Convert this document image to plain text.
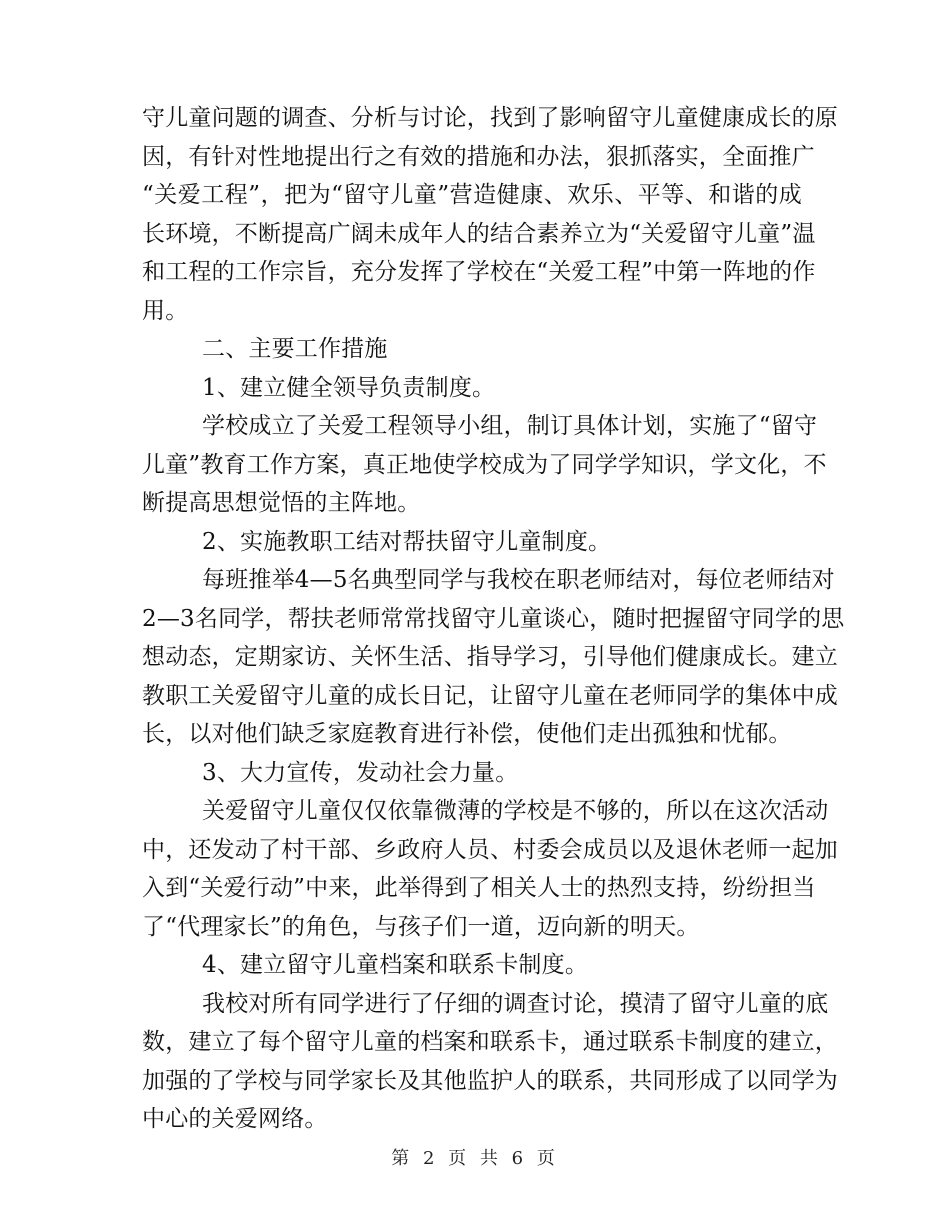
守儿童问题的调查、分析与讨论，找到了影响留守儿童健康成长的原
因，有针对性地提出行之有效的措施和办法，狠抓落实，全面推广
“关爱工程”，把为“留守儿童”营造健康、欢乐、平等、和谐的成
长环境，不断提高广阔未成年人的结合素养立为“关爱留守儿童”温
和工程的工作宗旨，充分发挥了学校在“关爱工程”中第一阵地的作
用。
二、主要工作措施
1、建立健全领导负责制度。
学校成立了关爱工程领导小组，制订具体计划，实施了“留守
儿童”教育工作方案，真正地使学校成为了同学学知识，学文化，不
断提高思想觉悟的主阵地。
2、实施教职工结对帮扶留守儿童制度。
每班推举4—5名典型同学与我校在职老师结对，每位老师结对
2—3名同学，帮扶老师常常找留守儿童谈心，随时把握留守同学的思
想动态，定期家访、关怀生活、指导学习，引导他们健康成长。建立
教职工关爱留守儿童的成长日记，让留守儿童在老师同学的集体中成
长，以对他们缺乏家庭教育进行补偿，使他们走出孤独和忧郁。
3、大力宣传，发动社会力量。
关爱留守儿童仅仅依靠微薄的学校是不够的，所以在这次活动
中，还发动了村干部、乡政府人员、村委会成员以及退休老师一起加
入到“关爱行动”中来，此举得到了相关人士的热烈支持，纷纷担当
了“代理家长”的角色，与孩子们一道，迈向新的明天。
4、建立留守儿童档案和联系卡制度。
我校对所有同学进行了仔细的调查讨论，摸清了留守儿童的底
数，建立了每个留守儿童的档案和联系卡，通过联系卡制度的建立，
加强的了学校与同学家长及其他监护人的联系，共同形成了以同学为
中心的关爱网络。
第 2 页 共 6 页
